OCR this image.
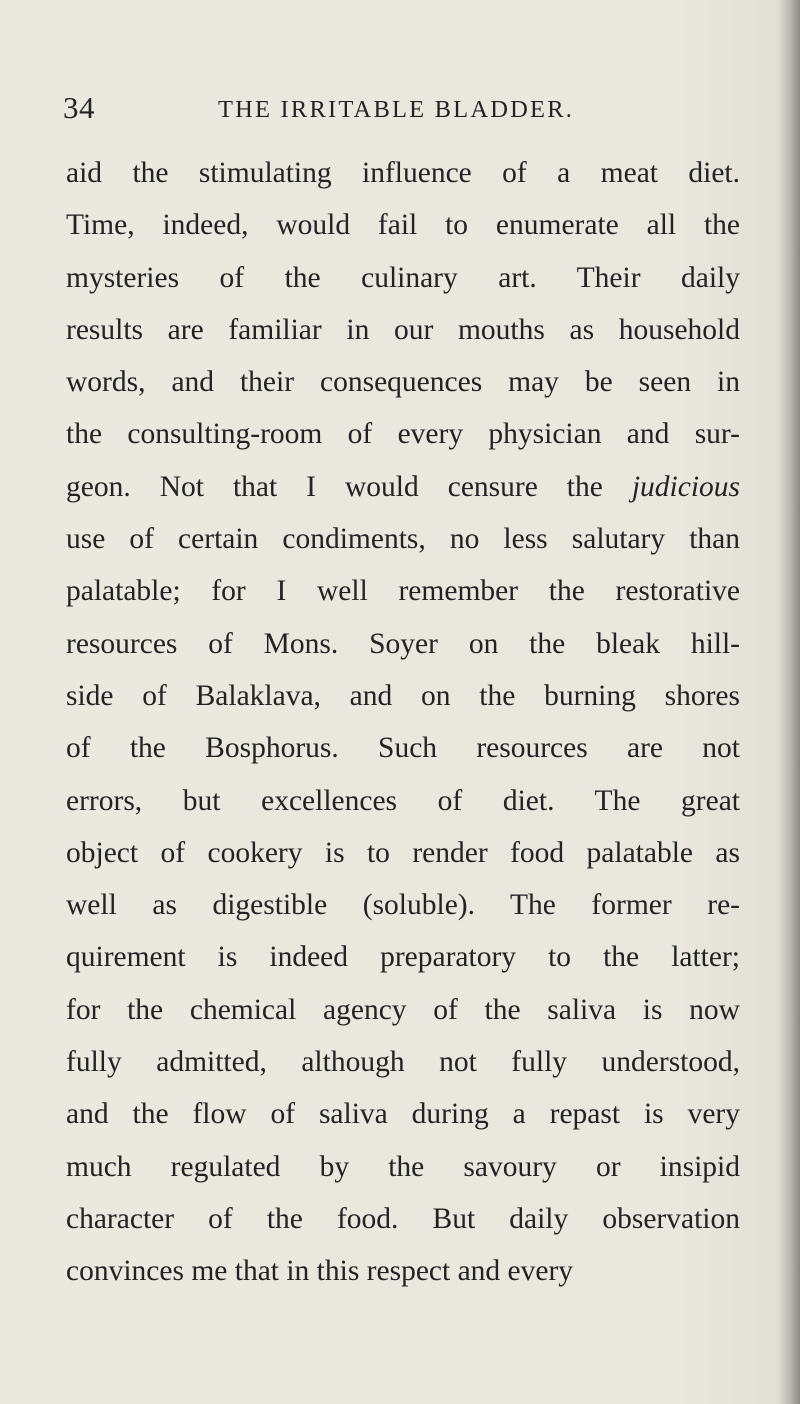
34	THE IRRITABLE BLADDER.
aid the stimulating influence of a meat diet.
Time, indeed, would fail to enumerate all the
mysteries of the culinary art. Their daily
results are familiar in our mouths as household
words, and their consequences may be seen in
the consulting-room of every physician and sur-
geon. Not that I would censure the judicious
use of certain condiments, no less salutary than
palatable; for I well remember the restorative
resources of Mons. Soyer on the bleak hill-
side of Balaklava, and on the burning shores
of the Bosphorus. Such resources are not
errors, but excellences of diet. The great
object of cookery is to render food palatable as
well as digestible (soluble). The former re-
quirement is indeed preparatory to the latter;
for the chemical agency of the saliva is now
fully admitted, although not fully understood,
and the flow of saliva during a repast is very
much regulated by the savoury or insipid
character of the food. But daily observation
convinces me that in this respect and every
